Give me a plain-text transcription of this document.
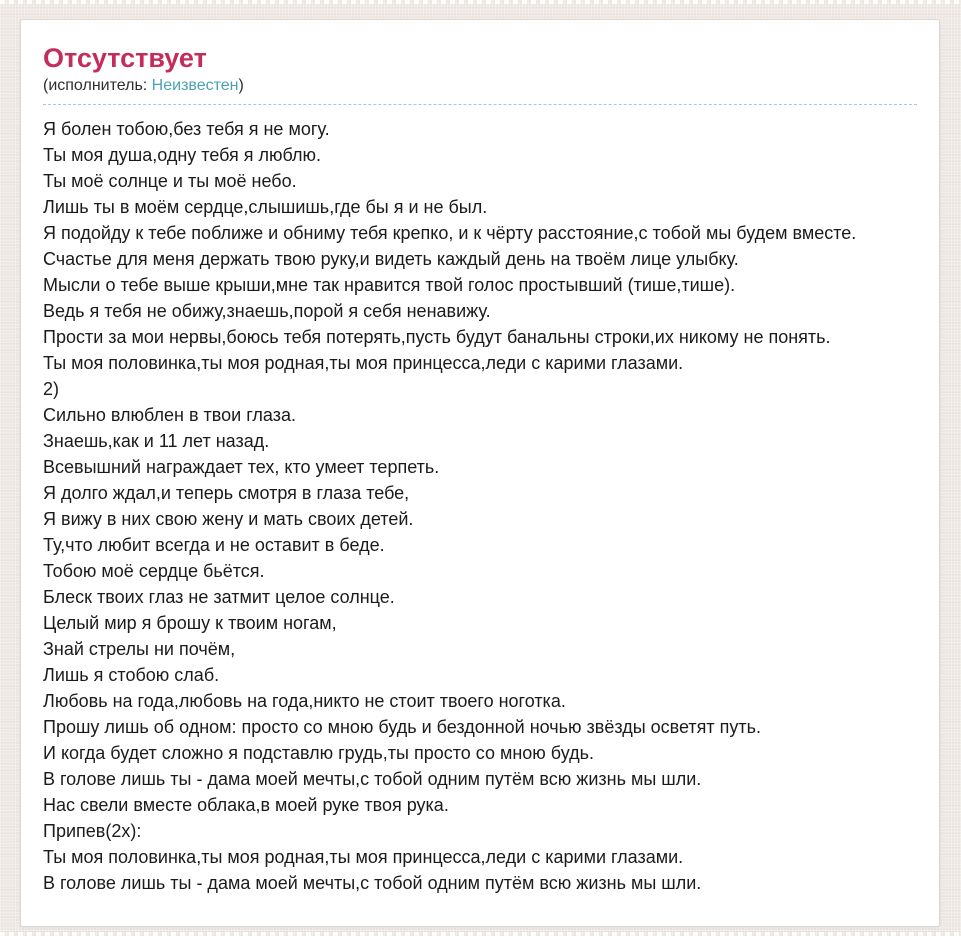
Отсутствует
(исполнитель: Неизвестен)
Я болен тобою,без тебя я не могу.
Ты моя душа,одну тебя я люблю.
Ты моё солнце и ты моё небо.
Лишь ты в моём сердце,слышишь,где бы я и не был.
Я подойду к тебе поближе и обниму тебя крепко, и к чёрту расстояние,с тобой мы будем вместе.
Счастье для меня держать твою руку,и видеть каждый день на твоём лице улыбку.
Мысли о тебе выше крыши,мне так нравится твой голос простывший (тише,тише).
Ведь я тебя не обижу,знаешь,порой я себя ненавижу.
Прости за мои нервы,боюсь тебя потерять,пусть будут банальны строки,их никому не понять.
Ты моя половинка,ты моя родная,ты моя принцесса,леди с карими глазами.
2)
Сильно влюблен в твои глаза.
Знаешь,как и 11 лет назад.
Всевышний награждает тех, кто умеет терпеть.
Я долго ждал,и теперь смотря в глаза тебе,
Я вижу в них свою жену и мать своих детей.
Ту,что любит всегда и не оставит в беде.
Тобою моё сердце бьётся.
Блеск твоих глаз не затмит целое солнце.
Целый мир я брошу к твоим ногам,
Знай стрелы ни почём,
Лишь я стобою слаб.
Любовь на года,любовь на года,никто не стоит твоего ноготка.
Прошу лишь об одном: просто со мною будь и бездонной ночью звёзды осветят путь.
И когда будет сложно я подставлю грудь,ты просто со мною будь.
В голове лишь ты - дама моей мечты,с тобой одним путём всю жизнь мы шли.
Нас свели вместе облака,в моей руке твоя рука.
Припев(2x):
Ты моя половинка,ты моя родная,ты моя принцесса,леди с карими глазами.
В голове лишь ты - дама моей мечты,с тобой одним путём всю жизнь мы шли.
